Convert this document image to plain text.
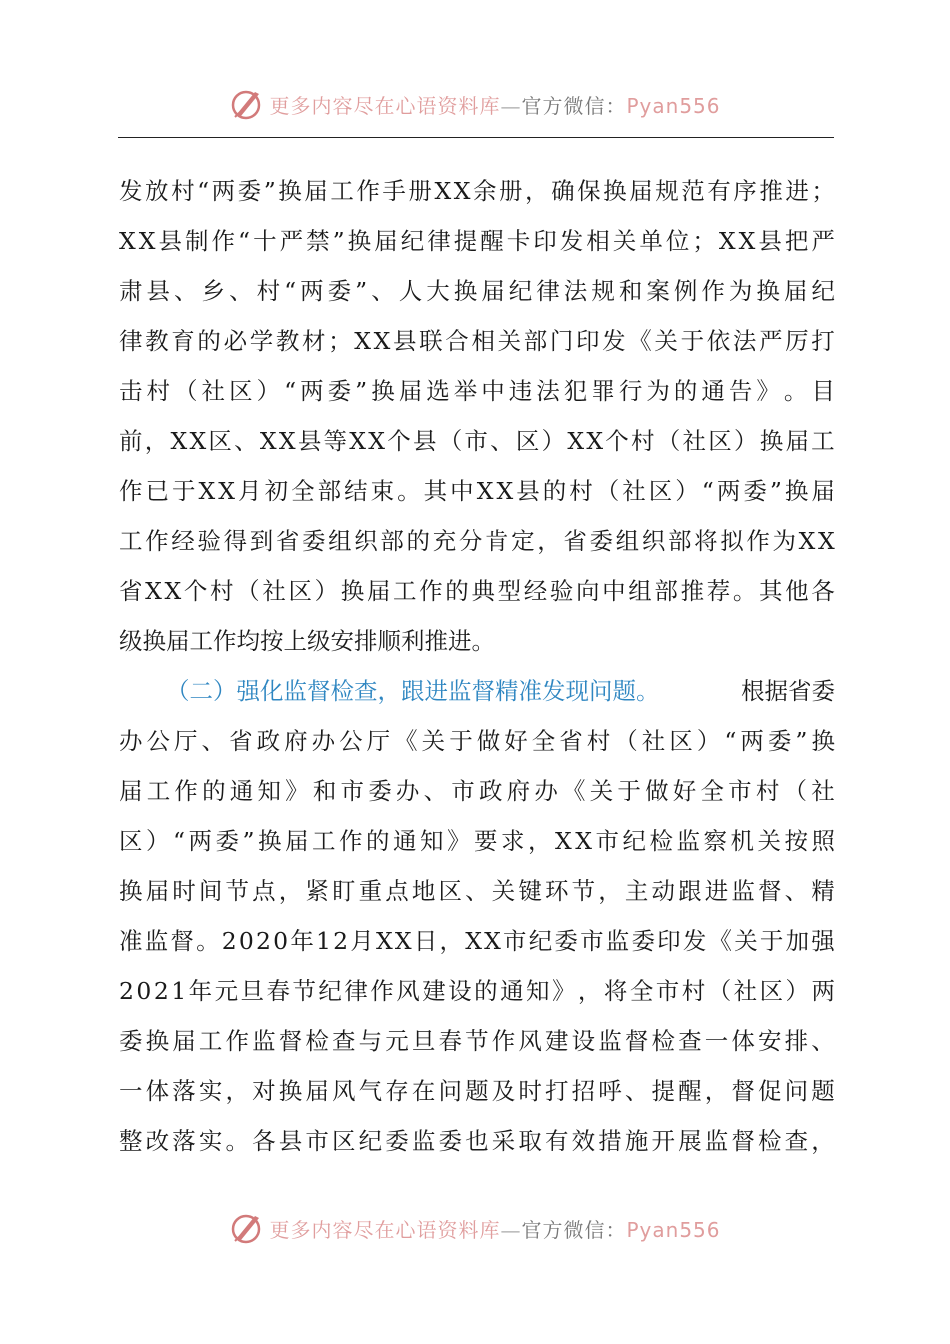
更多内容尽在心语资料库—官方微信：Pyan556
发 放 村 “ 两 委 ” 换 届 工 作 手 册 X X 余 册 ， 确 保 换 届 规 范 有 序 推 进 ；
X X 县 制 作 “ 十 严 禁 ” 换 届 纪 律 提 醒 卡 印 发 相 关 单 位 ； X X 县 把 严
肃 县 、 乡 、 村 “ 两 委 ” 、 人 大 换 届 纪 律 法 规 和 案 例 作 为 换 届 纪
律 教 育 的 必 学 教 材 ； X X 县 联 合 相 关 部 门 印 发 《 关 于 依 法 严 厉 打
击 村 （ 社 区 ） “ 两 委 ” 换 届 选 举 中 违 法 犯 罪 行 为 的 通 告 》 。 目
前 ， X X 区 、 X X 县 等 X X 个 县 （ 市 、 区 ） X X 个 村 （ 社 区 ） 换 届 工
作 已 于 X X 月 初 全 部 结 束 。 其 中 X X 县 的 村 （ 社 区 ） “ 两 委 ” 换 届
工 作 经 验 得 到 省 委 组 织 部 的 充 分 肯 定 ， 省 委 组 织 部 将 拟 作 为 X X
省 X X 个 村 （ 社 区 ） 换 届 工 作 的 典 型 经 验 向 中 组 部 推 荐 。 其 他 各
级换届工作均按上级安排顺利推进。
（二）强化监督检查，跟进监督精准发现问题。	根据省委
办 公 厅 、 省 政 府 办 公 厅 《 关 于 做 好 全 省 村 （ 社 区 ） “ 两 委 ” 换
届 工 作 的 通 知 》 和 市 委 办 、 市 政 府 办 《 关 于 做 好 全 市 村 （ 社
区 ） “ 两 委 ” 换 届 工 作 的 通 知 》 要 求 ， X X 市 纪 检 监 察 机 关 按 照
换 届 时 间 节 点 ， 紧 盯 重 点 地 区 、 关 键 环 节 ， 主 动 跟 进 监 督 、 精
准 监 督 。 2 0 2 0 年 1 2 月 X X 日 ， X X 市 纪 委 市 监 委 印 发 《 关 于 加 强
2 0 2 1 年 元 旦 春 节 纪 律 作 风 建 设 的 通 知 》 ， 将 全 市 村 （ 社 区 ） 两
委 换 届 工 作 监 督 检 查 与 元 旦 春 节 作 风 建 设 监 督 检 查 一 体 安 排 、
一 体 落 实 ， 对 换 届 风 气 存 在 问 题 及 时 打 招 呼 、 提 醒 ， 督 促 问 题
整 改 落 实 。 各 县 市 区 纪 委 监 委 也 采 取 有 效 措 施 开 展 监 督 检 查 ，
更多内容尽在心语资料库—官方微信：Pyan556
